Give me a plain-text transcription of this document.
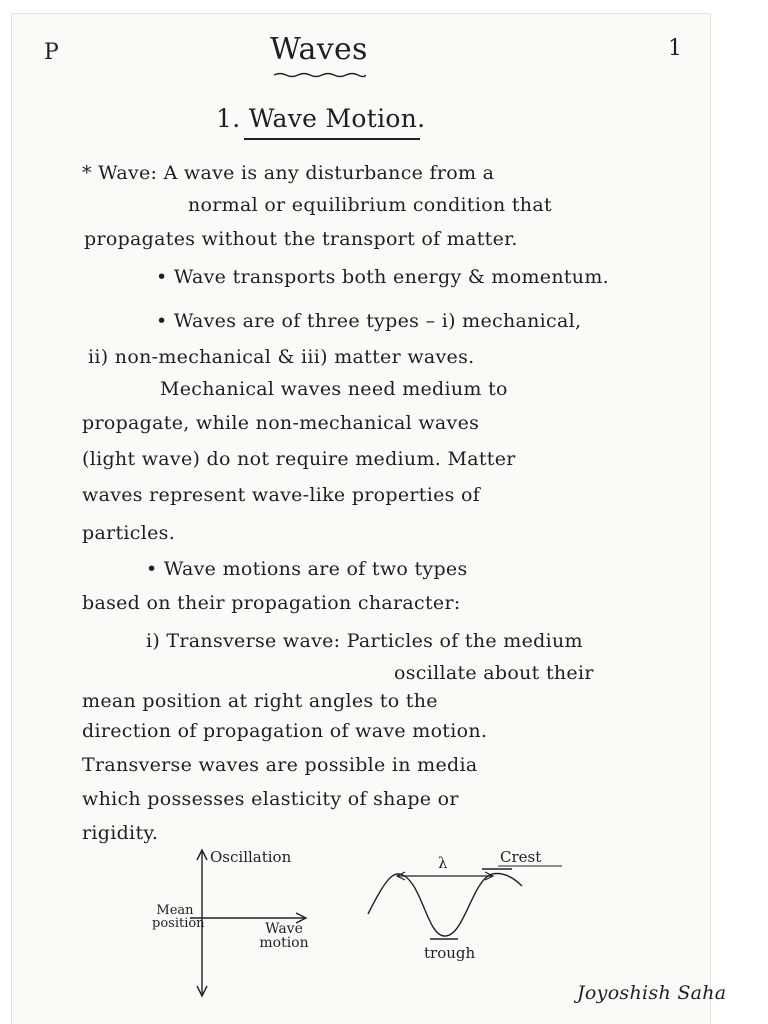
P	Waves	1
1. Wave Motion.
* Wave: A wave is any disturbance from a
normal or equilibrium condition that
propagates without the transport of matter.
• Wave transports both energy & momentum.
• Waves are of three types – i) mechanical,
ii) non-mechanical & iii) matter waves.
Mechanical waves need medium to
propagate, while non-mechanical waves
(light wave) do not require medium. Matter
waves represent wave-like properties of
particles.
• Wave motions are of two types
based on their propagation character:
i) Transverse wave: Particles of the medium
oscillate about their
mean position at right angles to the
direction of propagation of wave motion.
Transverse waves are possible in media
which possesses elasticity of shape or
rigidity.
Mean position
Oscillation
Wave motion
λ	Crest
trough
Joyoshish Saha
